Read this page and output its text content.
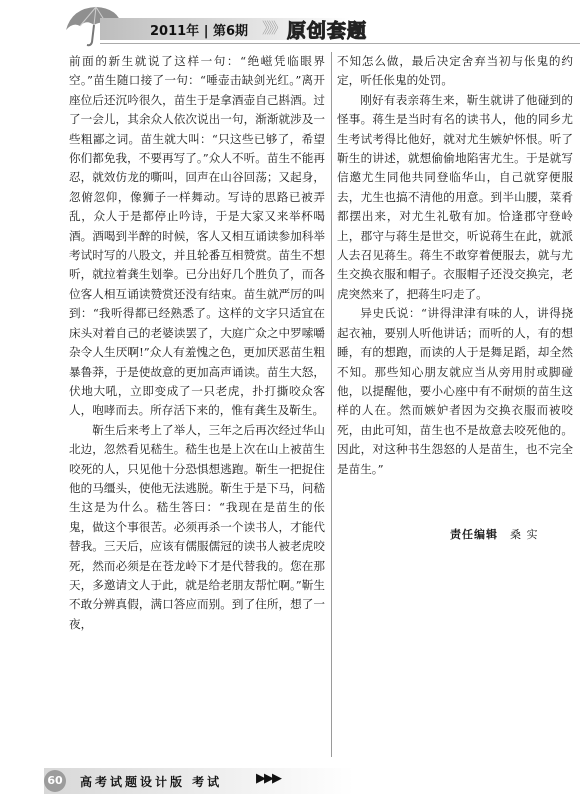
2011年 | 第6期 》》》 原创套题

前面的新生就说了这样一句：“绝嵫凭临眼界空。”苗生随口接了一句：“唾壶击缺剑光红。”离开座位后还沉吟很久，苗生于是拿酒壶自己斟酒。过了一会儿，其余众人依次说出一句，渐渐就涉及一些粗鄙之词。苗生就大叫：“只这些已够了，希望你们都免我，不要再写了。”众人不听。苗生不能再忍，就效仿龙的嘶叫，回声在山谷回荡；又起身，忽俯忽仰，像狮子一样舞动。写诗的思路已被弄乱，众人于是都停止吟诗，于是大家又来举杯喝酒。酒喝到半醉的时候，客人又相互诵读参加科举考试时写的八股文，并且轮番互相赞赏。苗生不想听，就拉着龚生划拳。已分出好几个胜负了，而各位客人相互诵读赞赏还没有结束。苗生就严厉的叫到：“我听得都已经熟悉了。这样的文字只适宜在床头对着自己的老婆读罢了，大庭广众之中罗嗦嚼杂令人生厌啊!”众人有羞愧之色，更加厌恶苗生粗暴鲁莽，于是使故意的更加高声诵读。苗生大怒，伏地大吼，立即变成了一只老虎，扑打撕咬众客人，咆哮而去。所存活下来的，惟有龚生及靳生。

靳生后来考上了举人，三年之后再次经过华山北边，忽然看见嵇生。嵇生也是上次在山上被苗生咬死的人，只见他十分恐惧想逃跑。靳生一把捉住他的马缰头，使他无法逃脱。靳生于是下马，问嵇生这是为什么。嵇生答曰：“我现在是苗生的伥鬼，做这个事很苦。必须再杀一个读书人，才能代替我。三天后，应该有儒服儒冠的读书人被老虎咬死，然而必须是在苍龙岭下才是代替我的。您在那天，多邀请文人于此，就是给老朋友帮忙啊。”靳生不敢分辨真假，满口答应而别。到了住所，想了一夜，

不知怎么做，最后决定舍弃当初与伥鬼的约定，听任伥鬼的处罚。

刚好有表亲蒋生来，靳生就讲了他碰到的怪事。蒋生是当时有名的读书人，他的同乡尤生考试考得比他好，就对尤生嫉妒怀恨。听了靳生的讲述，就想偷偷地陷害尤生。于是就写信邀尤生同他共同登临华山，自己就穿便服去，尤生也搞不清他的用意。到半山腰，菜肴都摆出来，对尤生礼敬有加。恰逢郡守登岭上，郡守与蒋生是世交，听说蒋生在此，就派人去召见蒋生。蒋生不敢穿着便服去，就与尤生交换衣服和帽子。衣服帽子还没交换完，老虎突然来了，把蒋生叼走了。

异史氏说：“讲得津津有味的人，讲得挠起衣袖，要别人听他讲话；而听的人，有的想睡，有的想跑，而读的人于是舞足蹈，却全然不知。那些知心朋友就应当从旁用肘或脚碰他，以提醒他，要小心座中有不耐烦的苗生这样的人在。然而嫉妒者因为交换衣服而被咬死，由此可知，苗生也不是故意去咬死他的。因此，对这种书生怨怒的人是苗生，也不完全是苗生。”

责任编辑 桑 实
60 高考试题设计版 考试	▶▶▶
